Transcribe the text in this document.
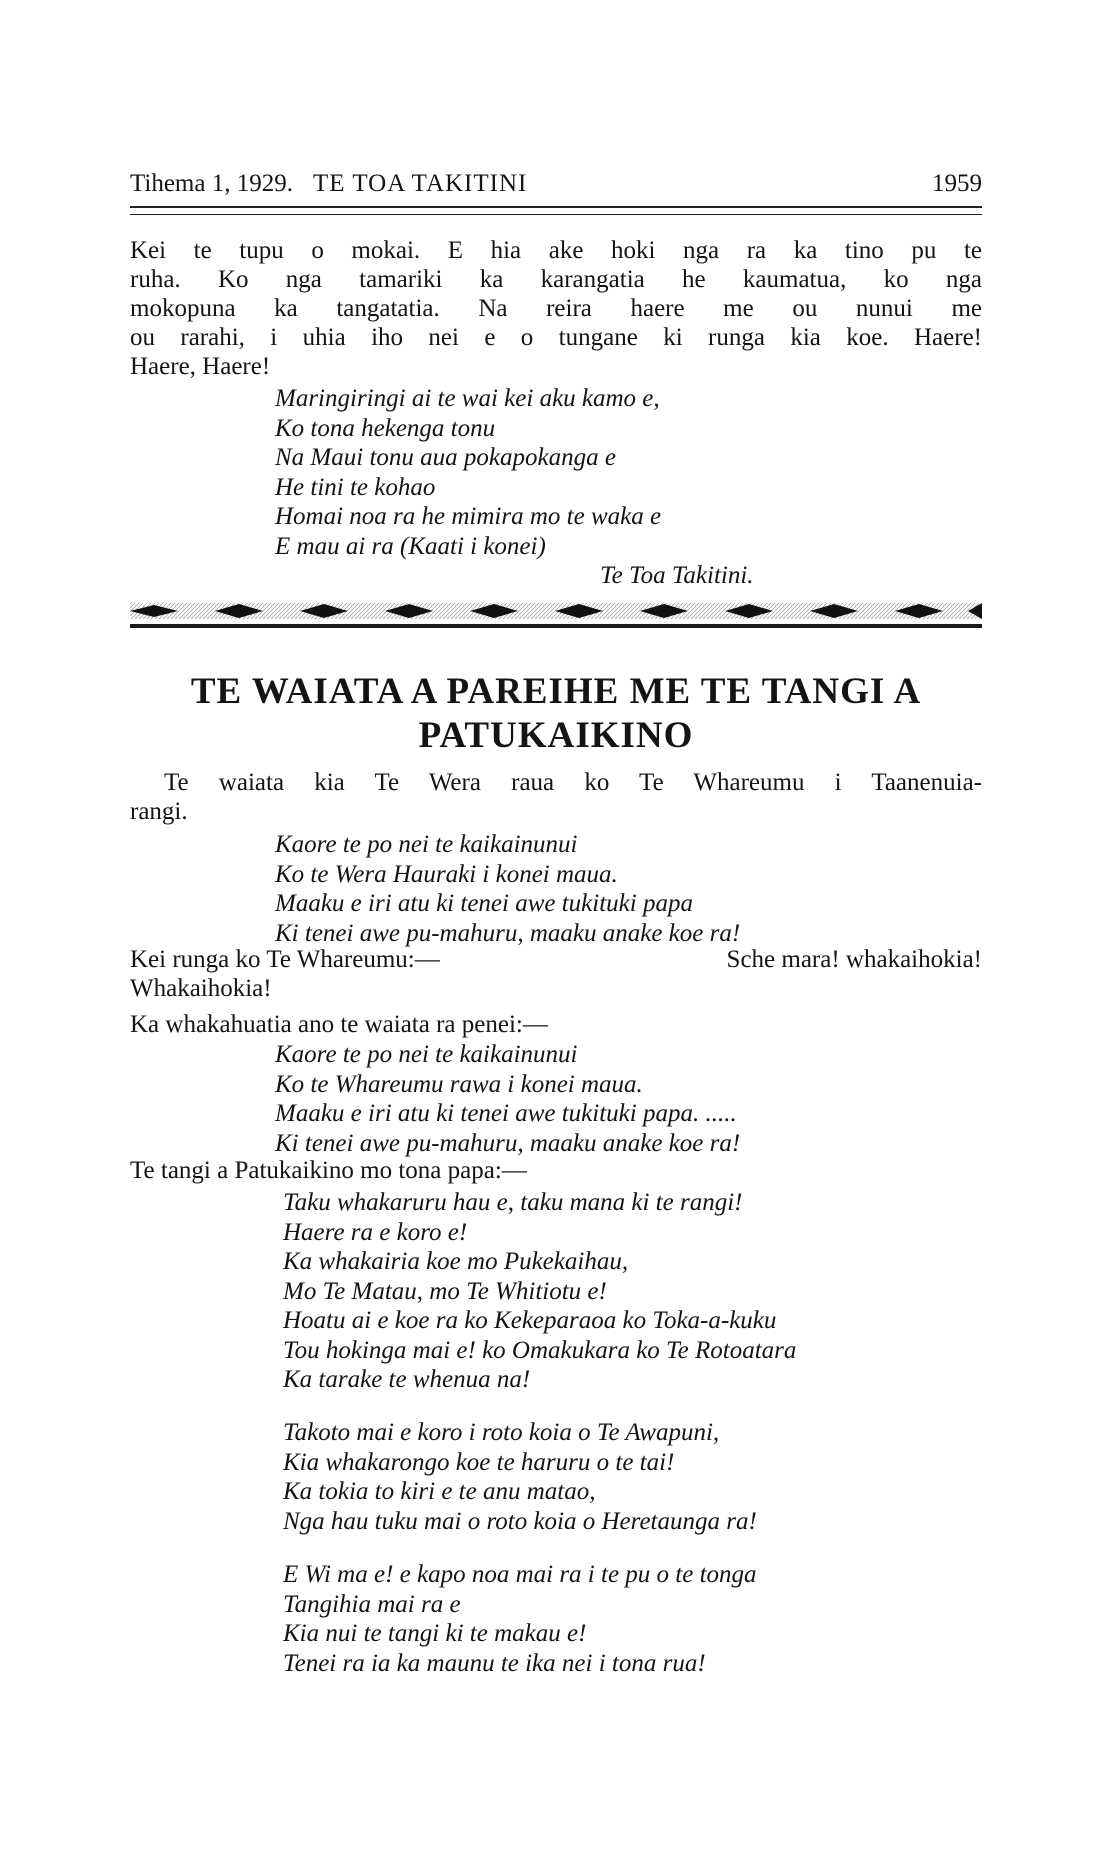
Tihema 1, 1929. TE TOA TAKITINI	1959
Kei te tupu o mokai. E hia ake hoki nga ra ka tino pu te
ruha. Ko nga tamariki ka karangatia he kaumatua, ko nga
mokopuna ka tangatatia. Na reira haere me ou nunui me
ou rarahi, i uhia iho nei e o tungane ki runga kia koe. Haere!
Haere, Haere!
Maringiringi ai te wai kei aku kamo e,
Ko tona hekenga tonu
Na Maui tonu aua pokapokanga e
He tini te kohao
Homai noa ra he mimira mo te waka e
E mau ai ra (Kaati i konei)
Te Toa Takitini.
TE WAIATA A PAREIHE ME TE TANGI A
PATUKAIKINO
Te waiata kia Te Wera raua ko Te Whareumu i Taanenuia-
rangi.
Kaore te po nei te kaikainunui
Ko te Wera Hauraki i konei maua.
Maaku e iri atu ki tenei awe tukituki papa
Ki tenei awe pu-mahuru, maaku anake koe ra!
Kei runga ko Te Whareumu:—	Sche mara! whakaihokia!
Whakaihokia!
Ka whakahuatia ano te waiata ra penei:—
Kaore te po nei te kaikainunui
Ko te Whareumu rawa i konei maua.
Maaku e iri atu ki tenei awe tukituki papa. .....
Ki tenei awe pu-mahuru, maaku anake koe ra!
Te tangi a Patukaikino mo tona papa:—
Taku whakaruru hau e, taku mana ki te rangi!
Haere ra e koro e!
Ka whakairia koe mo Pukekaihau,
Mo Te Matau, mo Te Whitiotu e!
Hoatu ai e koe ra ko Kekeparaoa ko Toka-a-kuku
Tou hokinga mai e! ko Omakukara ko Te Rotoatara
Ka tarake te whenua na!
Takoto mai e koro i roto koia o Te Awapuni,
Kia whakarongo koe te haruru o te tai!
Ka tokia to kiri e te anu matao,
Nga hau tuku mai o roto koia o Heretaunga ra!
E Wi ma e! e kapo noa mai ra i te pu o te tonga
Tangihia mai ra e
Kia nui te tangi ki te makau e!
Tenei ra ia ka maunu te ika nei i tona rua!
